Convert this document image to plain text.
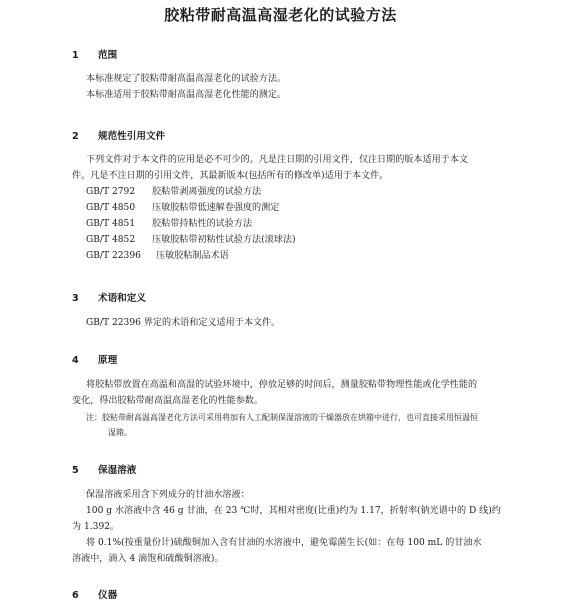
胶粘带耐高温高湿老化的试验方法
1 范围
本标准规定了胶粘带耐高温高湿老化的试验方法。
本标准适用于胶粘带耐高温高湿老化性能的测定。
2 规范性引用文件
下列文件对于本文件的应用是必不可少的。凡是注日期的引用文件，仅注日期的版本适用于本文
件。凡是不注日期的引用文件，其最新版本(包括所有的修改单)适用于本文件。
GB/T 2792 胶粘带剥离强度的试验方法
GB/T 4850 压敏胶粘带低速解卷强度的测定
GB/T 4851 胶粘带持粘性的试验方法
GB/T 4852 压敏胶粘带初粘性试验方法(滚球法)
GB/T 22396 压敏胶粘制品术语
3 术语和定义
GB/T 22396 界定的术语和定义适用于本文件。
4 原理
将胶粘带放置在高温和高湿的试验环境中，停放足够的时间后，测量胶粘带物理性能或化学性能的
变化，得出胶粘带耐高温高湿老化的性能参数。
注：胶粘带耐高温高湿老化方法可采用将加有人工配制保湿溶液的干燥器放在烘箱中进行，也可直接采用恒温恒
湿箱。
5 保湿溶液
保湿溶液采用含下列成分的甘油水溶液：
100 g 水溶液中含 46 g 甘油，在 23 ℃时，其相对密度(比重)约为 1.17，折射率(钠光谱中的 D 线)约
为 1.392。
将 0.1%(按重量份计)硫酸铜加入含有甘油的水溶液中，避免霉菌生长(如：在每 100 mL 的甘油水
溶液中，滴入 4 滴饱和硫酸铜溶液)。
6 仪器
